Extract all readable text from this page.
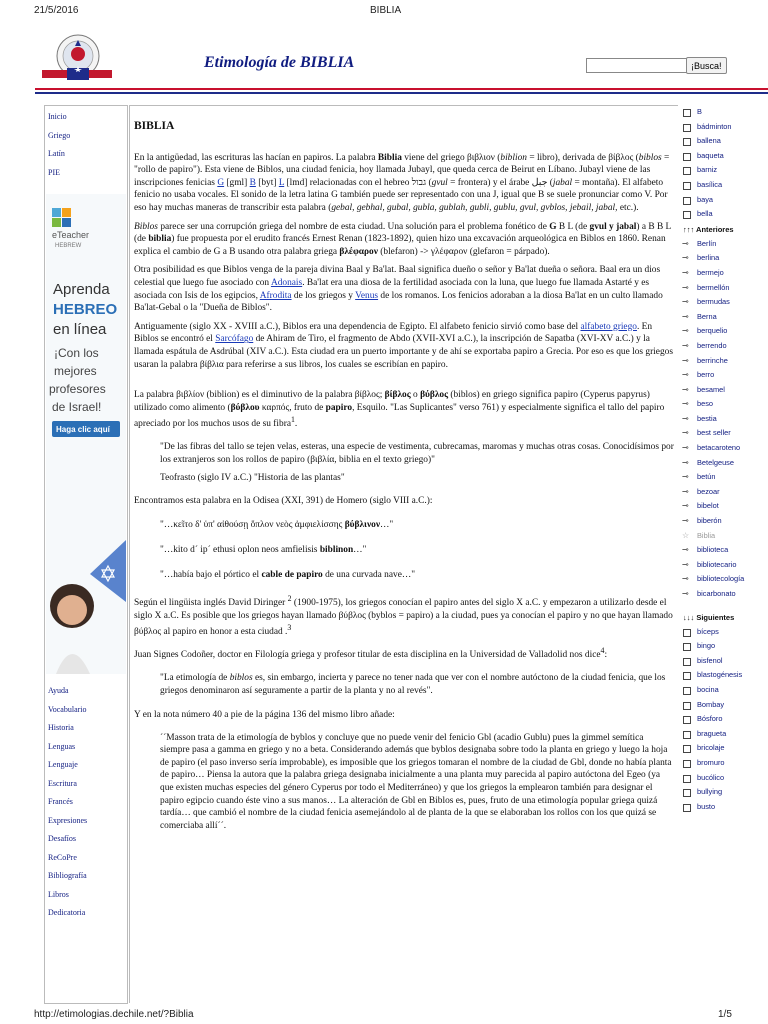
21/5/2016	BIBLIA
Etimología de BIBLIA	¡Busca!
Inicio
Griego
Latín
PIE
eTeacher
HEBREW
Aprenda
HEBREO
en línea
¡Con los
mejores
profesores
de Israel!
Haga clic aquí
Ayuda
Vocabulario
Historia
Lenguas
Lenguaje
Escritura
Francés
Expresiones
Desafíos
ReCoPre
Bibliografía
Libros
Dedicatoria
BIBLIA

En la antigüedad, las escrituras las hacían en papiros. La palabra Biblia viene del griego βιβλιον (biblion = libro), derivada de βίβλος (biblos = "rollo de papiro"). Esta viene de Biblos, una ciudad fenicia, hoy llamada Jubayl, que queda cerca de Beirut en Líbano. Jubayl viene de las inscripciones fenicias G [gml] B [byt] L [lmd] relacionadas con el hebreo גבול (gvul = frontera) y el árabe جبل (jabal = montaña). El alfabeto fenicio no usaba vocales. El sonido de la letra latina G también puede ser representado con una J, igual que B se suele pronunciar como V. Por eso hay muchas maneras de transcribir esta palabra (gebal, gebhal, gubal, gubla, gublah, gubli, gublu, gvul, gvblos, jebail, jabal, etc.).

Biblos parece ser una corrupción griega del nombre de esta ciudad. Una solución para el problema fonético de G B L (de gvul y jabal) a B B L (de biblia) fue propuesta por el erudito francés Ernest Renan (1823-1892), quien hizo una excavación arqueológica en Biblos en 1860. Renan explica el cambio de G a B usando otra palabra griega βλέφαρον (blefaron) -> γλέφαρον (glefaron = párpado).

Otra posibilidad es que Biblos venga de la pareja divina Baal y Ba'lat. Baal significa dueño o señor y Ba'lat dueña o señora. Baal era un dios celestial que luego fue asociado con Adonais. Ba'lat era una diosa de la fertilidad asociada con la luna, que luego fue llamada Astarté y es asociada con Isis de los egipcios, Afrodita de los griegos y Venus de los romanos. Los fenicios adoraban a la diosa Ba'lat en un culto llamado Ba'lat-Gebal o la "Dueña de Biblos".

Antiguamente (siglo XX - XVIII a.C.), Biblos era una dependencia de Egipto. El alfabeto fenicio sirvió como base del alfabeto griego. En Biblos se encontró el Sarcófago de Ahiram de Tiro, el fragmento de Abdo (XVII-XVI a.C.), la inscripción de Sapatba (XVI-XV a.C.) y la llamada espátula de Asdrúbal (XIV a.C.). Esta ciudad era un puerto importante y de ahí se exportaba papiro a Grecia. Por eso es que los griegos usaran la palabra βίβλια para referirse a sus libros, los cuales se escribían en papiro.

La palabra βιβλίον (biblion) es el diminutivo de la palabra βίβλος; βίβλος o βύβλος (biblos) en griego significa papiro (Cyperus papyrus) utilizado como alimento (βύβλου καρπός, fruto de papiro, Esquilo. "Las Suplicantes" verso 761) y especialmente significa el tallo del papiro apreciado por los muchos usos de su fibra$^1$.

"De las fibras del tallo se tejen velas, esteras, una especie de vestimenta, cubrecamas, maromas y muchas otras cosas. Conocidísimos por los extranjeros son los rollos de papiro (βιβλία, biblia en el texto griego)"

Teofrasto (siglo IV a.C.) "Historia de las plantas"

Encontramos esta palabra en la Odisea (XXI, 391) de Homero (siglo VIII a.C.):

"…κεῖτο δ' ὑπ' αἰθούσῃ ὅπλον νεὸς ἀμφιελίσσης βύβλινον…"

"…kito d´ ip´ ethusi oplon neos amfielisis biblinon…"

"…había bajo el pórtico el cable de papiro de una curvada nave…"

Según el lingüista inglés David Diringer $^2$ (1900-1975), los griegos conocían el papiro antes del siglo X a.C. y empezaron a utilizarlo desde el siglo X a.C. Es posible que los griegos hayan llamado βύβλος (byblos = papiro) a la ciudad, pues ya conocían el papiro y no que hayan llamado βύβλος al papiro en honor a esta ciudad .$^3$

Juan Signes Codoñer, doctor en Filología griega y profesor titular de esta disciplina en la Universidad de Valladolid nos dice$^4$:

"La etimología de biblos es, sin embargo, incierta y parece no tener nada que ver con el nombre autóctono de la ciudad fenicia, que los griegos denominaron así seguramente a partir de la planta y no al revés".

Y en la nota número 40 a pie de la página 136 del mismo libro añade:

´´Masson trata de la etimología de byblos y concluye que no puede venir del fenicio Gbl (acadio Gublu) pues la gimmel semítica siempre pasa a gamma en griego y no a beta. Considerando además que byblos designaba sobre todo la planta en griego y luego la hoja de papiro (el paso inverso sería improbable), es imposible que los griegos tomaran el nombre de la ciudad de Gbl, donde no había planta de papiro… Piensa la autora que la palabra griega designaba inicialmente a una planta muy parecida al papiro autóctona del Egeo (ya que existen muchas especies del género Cyperus por todo el Mediterráneo) y que los griegos la emplearon también para designar el papiro egipcio cuando éste vino a sus manos… La alteración de Gbl en Biblos es, pues, fruto de una etimología popular griega quizá tardía… que cambió el nombre de la ciudad fenicia asemejándolo al de planta de la que se elaboraban los rollos con los que quizá se comerciaba allí´´.

B
bádminton
ballena
baqueta
barniz
basílica
baya
bella
↑↑↑ Anteriores
⊸ Berlín
⊸ berlina
⊸ bermejo
⊸ bermellón
⊸ bermudas
⊸ Berna
⊸ berquelio
⊸ berrendo
⊸ berrinche
⊸ berro
⊸ besamel
⊸ beso
⊸ bestia
⊸ best seller
⊸ betacaroteno
⊸ Betelgeuse
⊸ betún
⊸ bezoar
⊸ bibelot
⊸ biberón
☆ Biblia
⊸ biblioteca
⊸ bibliotecario
⊸ bibliotecología
⊸ bicarbonato
↓↓↓ Siguientes
bíceps
bingo
bisfenol
blastogénesis
bocina
Bombay
Bósforo
bragueta
bricolaje
bromuro
bucólico
bullying
busto
http://etimologias.dechile.net/?Biblia	1/5
